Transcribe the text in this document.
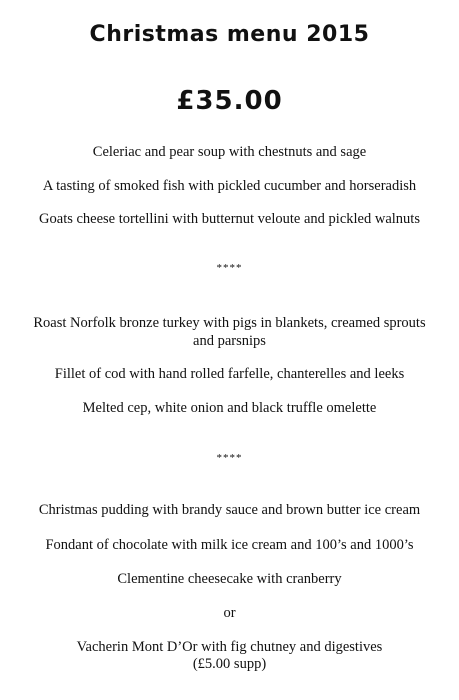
Christmas menu 2015
£35.00
Celeriac and pear soup with chestnuts and sage
A tasting of smoked fish with pickled cucumber and horseradish
Goats cheese tortellini with butternut veloute and pickled walnuts
****
Roast Norfolk bronze turkey with pigs in blankets, creamed sprouts
and parsnips
Fillet of cod with hand rolled farfelle, chanterelles and leeks
Melted cep, white onion and black truffle omelette
****
Christmas pudding with brandy sauce and brown butter ice cream
Fondant of chocolate with milk ice cream and 100’s and 1000’s
Clementine cheesecake with cranberry
or
Vacherin Mont D’Or with fig chutney and digestives
(£5.00 supp)
